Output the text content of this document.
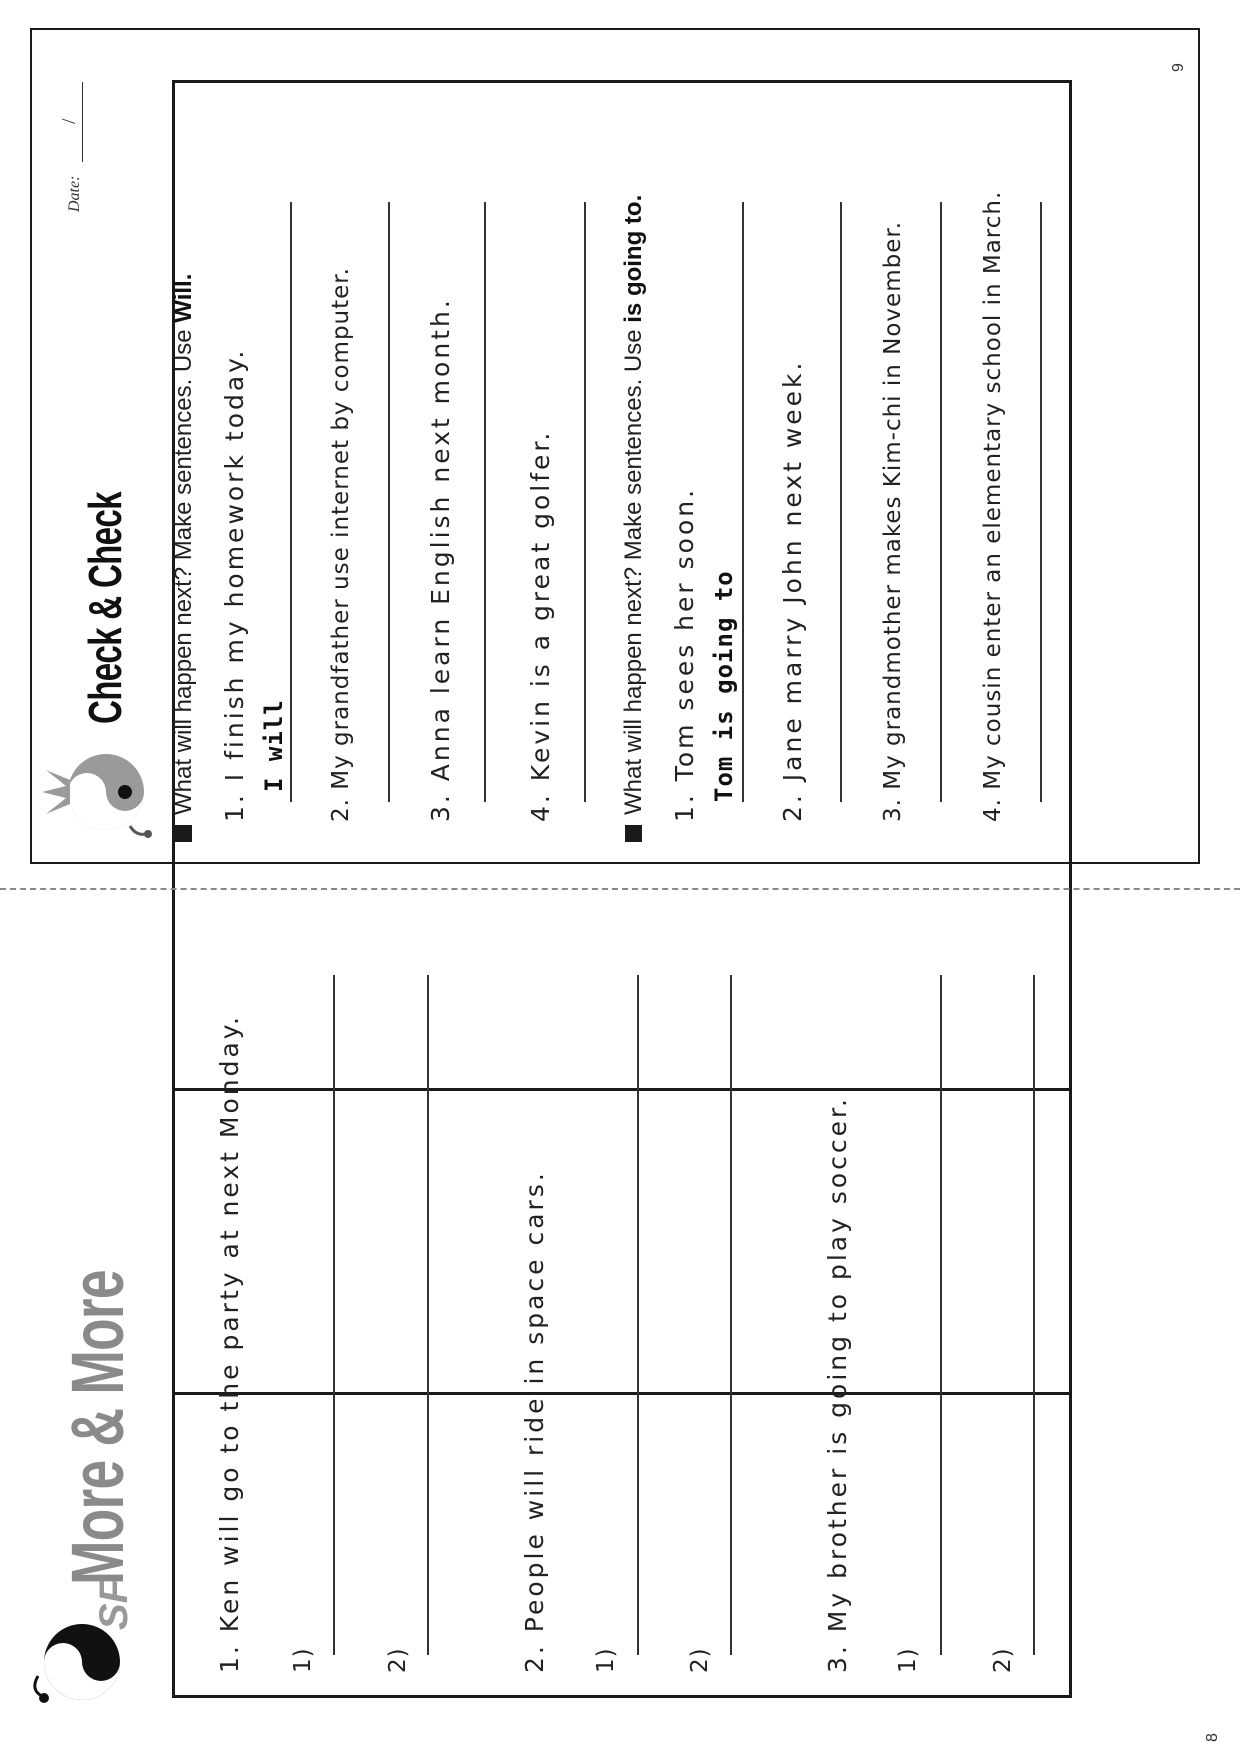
SF
More & More	1. Ken will go to the party at next Monday. 1)	2)	2. People will ride in space cars. 1)	2)	3. My brother is going to play soccer. 1)	2)
8
Check & Check
Date:
/
What will happen next? Make sentences. Use Will.
1. I finish my homework today. I will 2. My grandfather use internet by computer.	3. Anna learn English next month.	4. Kevin is a great golfer.	What will happen next? Make sentences. Use is going to.
1. Tom sees her soon. Tom is going to 2. Jane marry John next week.	3. My grandmother makes Kim-chi in November.	4. My cousin enter an elementary school in March.
9
